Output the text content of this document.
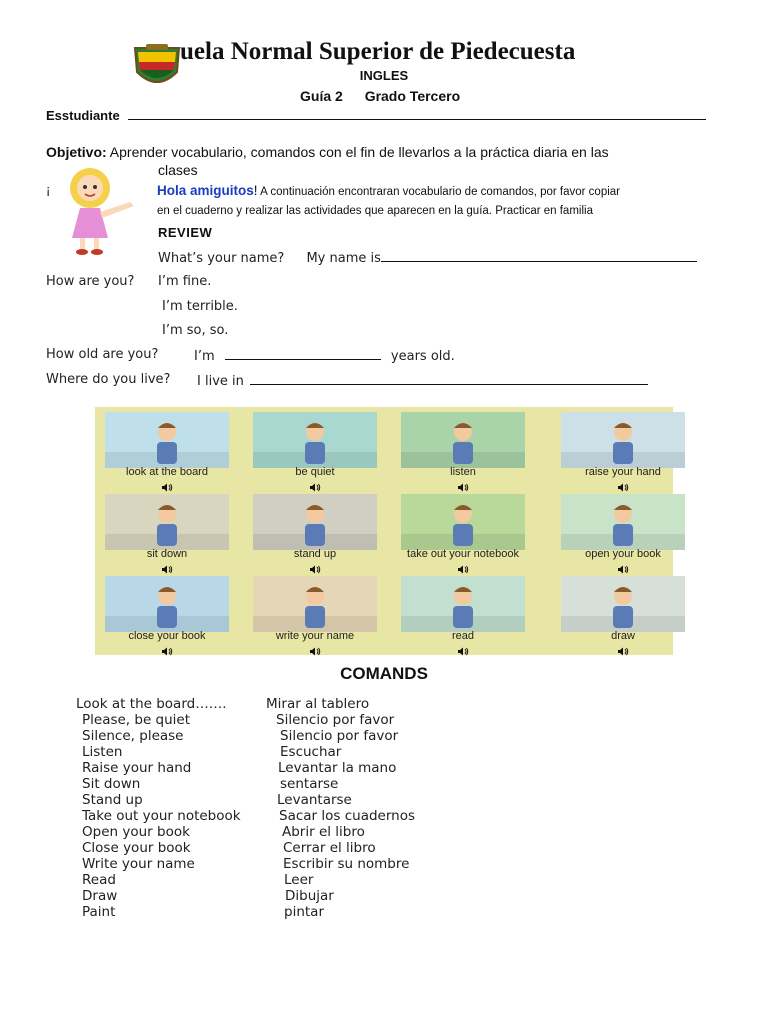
uela Normal Superior de Piedecuesta
INGLES
Guía 2 Grado Tercero
Esstudiante
Objetivo: Aprender vocabulario, comandos con el fin de llevarlos a la práctica diaria en las
clases
¡	Hola amiguitos! A continuación encontraran vocabulario de comandos, por favor copiar
en el cuaderno y realizar las actividades que aparecen en la guía. Practicar en familia
REVIEW
What’s your name? My name is
How are you? I’m fine.
I’m terrible.
I’m so, so.
How old are you?	I’m	years old.
Where do you live? I live in
look at the board	be quiet	listen	raise your hand
sit down	stand up	take out your notebook	open your book
close your book	write your name	read	draw
COMANDS
Look at the board…….	Mirar al tablero
Please, be quiet	Silencio por favor
Silence, please	Silencio por favor
Listen	Escuchar
Raise your hand	Levantar la mano
Sit down	sentarse
Stand up	Levantarse
Take out your notebook	Sacar los cuadernos
Open your book	Abrir el libro
Close your book	Cerrar el libro
Write your name	Escribir su nombre
Read	Leer
Draw	Dibujar
Paint	pintar
